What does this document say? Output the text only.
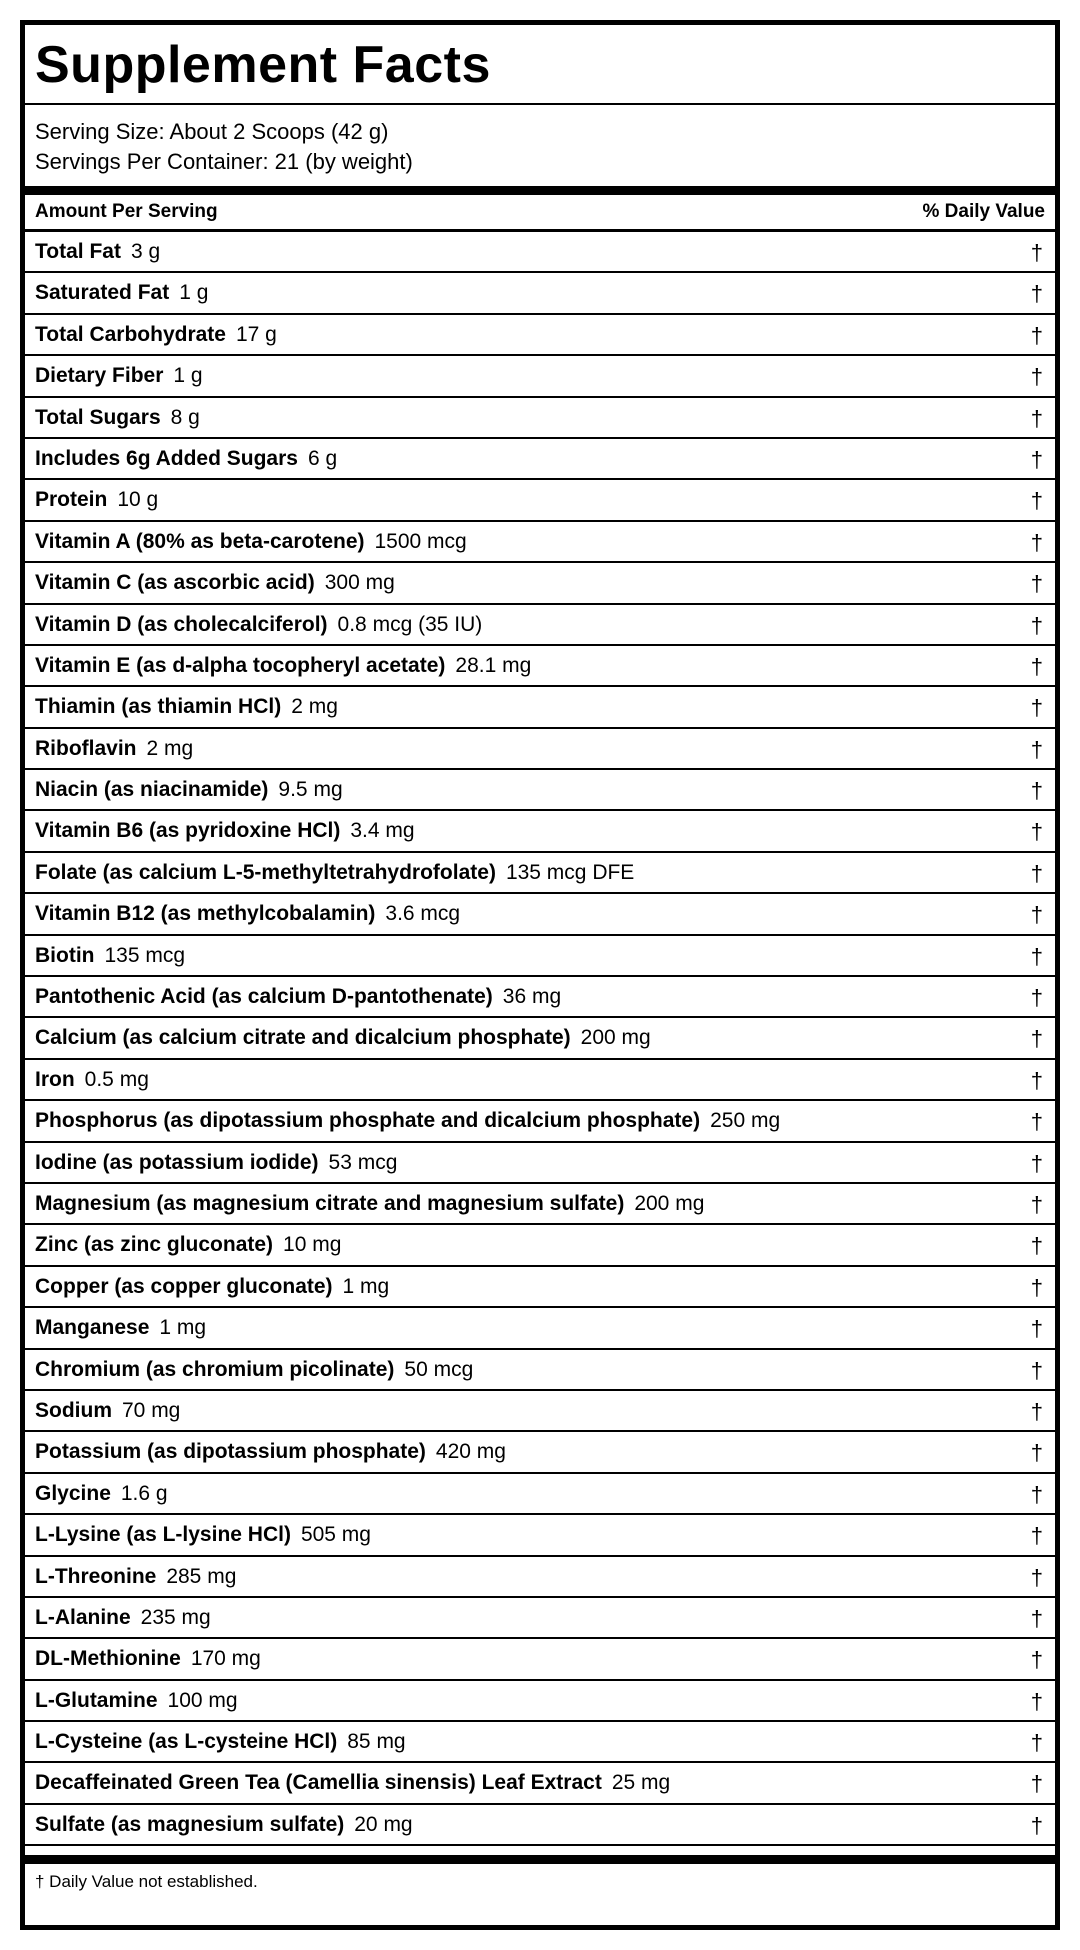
Supplement Facts
Serving Size: About 2 Scoops (42 g)
Servings Per Container: 21 (by weight)
Amount Per Serving	% Daily Value
Total Fat 3 g	†
Saturated Fat 1 g	†
Total Carbohydrate 17 g	†
Dietary Fiber 1 g	†
Total Sugars 8 g	†
Includes 6g Added Sugars 6 g	†
Protein 10 g	†
Vitamin A (80% as beta-carotene) 1500 mcg	†
Vitamin C (as ascorbic acid) 300 mg	†
Vitamin D (as cholecalciferol) 0.8 mcg (35 IU)	†
Vitamin E (as d-alpha tocopheryl acetate) 28.1 mg	†
Thiamin (as thiamin HCl) 2 mg	†
Riboflavin 2 mg	†
Niacin (as niacinamide) 9.5 mg	†
Vitamin B6 (as pyridoxine HCl) 3.4 mg	†
Folate (as calcium L-5-methyltetrahydrofolate) 135 mcg DFE	†
Vitamin B12 (as methylcobalamin) 3.6 mcg	†
Biotin 135 mcg	†
Pantothenic Acid (as calcium D-pantothenate) 36 mg	†
Calcium (as calcium citrate and dicalcium phosphate) 200 mg	†
Iron 0.5 mg	†
Phosphorus (as dipotassium phosphate and dicalcium phosphate) 250 mg	†
Iodine (as potassium iodide) 53 mcg	†
Magnesium (as magnesium citrate and magnesium sulfate) 200 mg	†
Zinc (as zinc gluconate) 10 mg	†
Copper (as copper gluconate) 1 mg	†
Manganese 1 mg	†
Chromium (as chromium picolinate) 50 mcg	†
Sodium 70 mg	†
Potassium (as dipotassium phosphate) 420 mg	†
Glycine 1.6 g	†
L-Lysine (as L-lysine HCl) 505 mg	†
L-Threonine 285 mg	†
L-Alanine 235 mg	†
DL-Methionine 170 mg	†
L-Glutamine 100 mg	†
L-Cysteine (as L-cysteine HCl) 85 mg	†
Decaffeinated Green Tea (Camellia sinensis) Leaf Extract 25 mg	†
Sulfate (as magnesium sulfate) 20 mg	†
† Daily Value not established.
